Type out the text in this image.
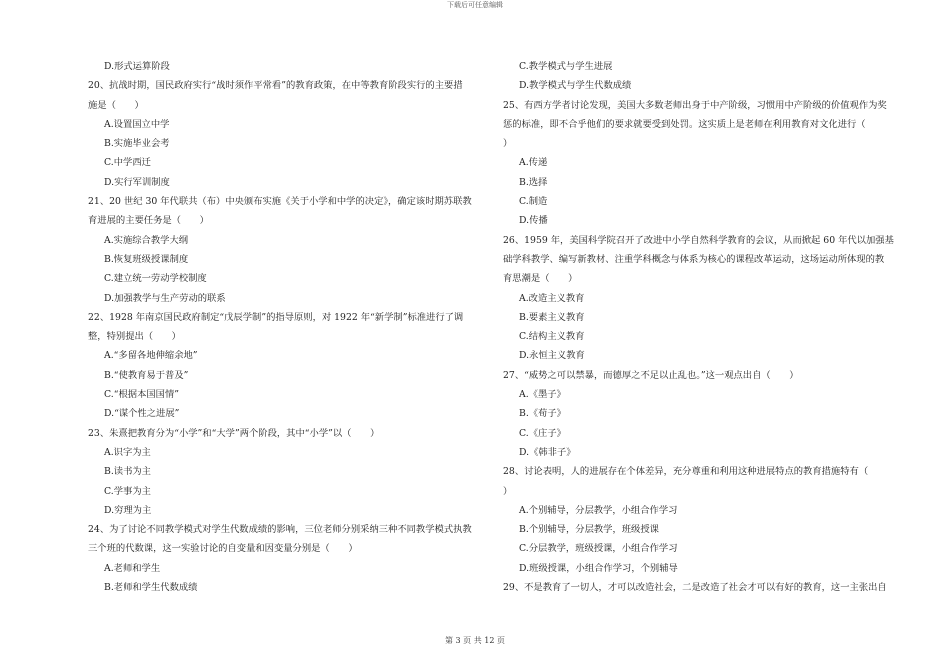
下载后可任意编辑
D.形式运算阶段
20、抗战时期，国民政府实行“战时须作平常看”的教育政策，在中等教育阶段实行的主要措
施是（　　）
A.设置国立中学
B.实施毕业会考
C.中学西迁
D.实行军训制度
21、20 世纪 30 年代联共（布）中央颁布实施《关于小学和中学的决定》，确定该时期苏联教
育进展的主要任务是（　　）
A.实施综合教学大纲
B.恢复班级授课制度
C.建立统一劳动学校制度
D.加强教学与生产劳动的联系
22、1928 年南京国民政府制定“戊辰学制”的指导原则，对 1922 年“新学制”标准进行了调
整，特别提出（　　）
A.“多留各地伸缩余地”
B.“使教育易于普及”
C.“根据本国国情”
D.“谋个性之进展”
23、朱熹把教育分为“小学”和“大学”两个阶段，其中“小学”以（　　）
A.识字为主
B.读书为主
C.学事为主
D.穷理为主
24、为了讨论不同教学模式对学生代数成绩的影响，三位老师分别采纳三种不同教学模式执教
三个班的代数课，这一实验讨论的自变量和因变量分别是（　　）
A.老师和学生
B.老师和学生代数成绩
C.教学模式与学生进展
D.教学模式与学生代数成绩
25、有西方学者讨论发现，美国大多数老师出身于中产阶级，习惯用中产阶级的价值观作为奖
惩的标准，即不合乎他们的要求就要受到处罚。这实质上是老师在利用教育对文化进行（
）
A.传递
B.选择
C.制造
D.传播
26、1959 年，美国科学院召开了改进中小学自然科学教育的会议，从而掀起 60 年代以加强基
础学科教学、编写新教材、注重学科概念与体系为核心的课程改革运动，这场运动所体现的教
育思潮是（　　）
A.改造主义教育
B.要素主义教育
C.结构主义教育
D.永恒主义教育
27、“威势之可以禁暴，而德厚之不足以止乱也。”这一观点出自（　　）
A.《墨子》
B.《荀子》
C.《庄子》
D.《韩非子》
28、讨论表明，人的进展存在个体差异，充分尊重和利用这种进展特点的教育措施特有（
）
A.个别辅导，分层教学，小组合作学习
B.个别辅导，分层教学，班级授课
C.分层教学，班级授课，小组合作学习
D.班级授课，小组合作学习，个别辅导
29、不是教育了一切人，才可以改造社会，二是改造了社会才可以有好的教育，这一主张出自
第 3 页 共 12 页
